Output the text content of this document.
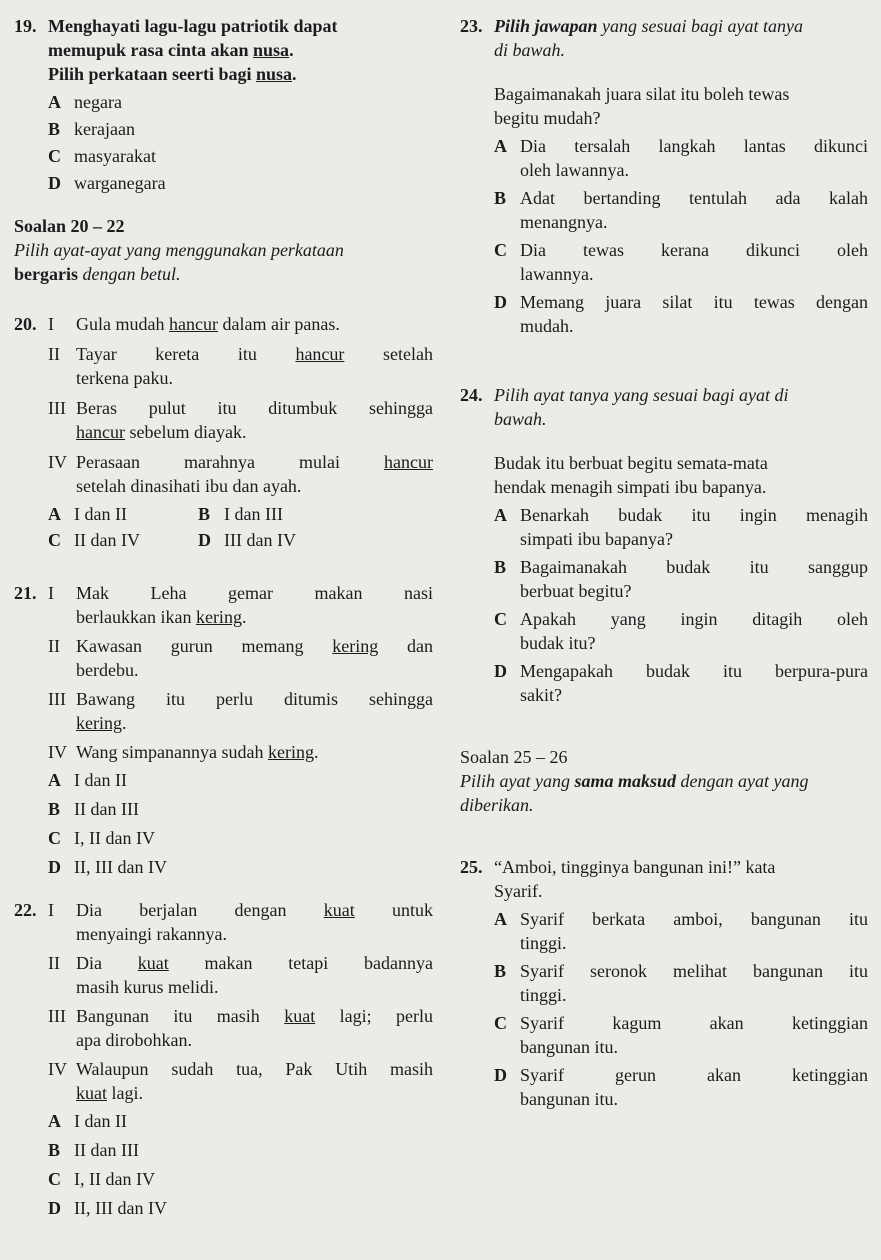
19. Menghayati lagu-lagu patriotik dapat
memupuk rasa cinta akan nusa.
Pilih perkataan seerti bagi nusa.
A negara
B kerajaan
C masyarakat
D warganegara
Soalan 20 – 22
Pilih ayat-ayat yang menggunakan perkataan
bergaris dengan betul.
20. I	Gula mudah hancur dalam air panas.
II Tayar kereta itu hancur setelah
terkena paku.
III Beras pulut itu ditumbuk sehingga
hancur sebelum diayak.
IV Perasaan marahnya mulai hancur
setelah dinasihati ibu dan ayah.
A I dan II	B I dan III
C II dan IV	D III dan IV
21. I	Mak Leha gemar makan nasi
berlaukkan ikan kering.
II Kawasan gurun memang kering dan
berdebu.
III Bawang itu perlu ditumis sehingga
kering.
IV Wang simpanannya sudah kering.
A I dan II
B II dan III
C I, II dan IV
D II, III dan IV
22. I	Dia berjalan dengan kuat untuk
menyaingi rakannya.
II Dia kuat makan tetapi badannya
masih kurus melidi.
III Bangunan itu masih kuat lagi; perlu
apa dirobohkan.
IV Walaupun sudah tua, Pak Utih masih
kuat lagi.
A I dan II
B II dan III
C I, II dan IV
D II, III dan IV
23. Pilih jawapan yang sesuai bagi ayat tanya
di bawah.
Bagaimanakah juara silat itu boleh tewas
begitu mudah?
A Dia tersalah langkah lantas dikunci
oleh lawannya.
B Adat bertanding tentulah ada kalah
menangnya.
C Dia tewas kerana dikunci oleh
lawannya.
D Memang juara silat itu tewas dengan
mudah.
24. Pilih ayat tanya yang sesuai bagi ayat di
bawah.
Budak itu berbuat begitu semata-mata
hendak menagih simpati ibu bapanya.
A Benarkah budak itu ingin menagih
simpati ibu bapanya?
B Bagaimanakah budak itu sanggup
berbuat begitu?
C Apakah yang ingin ditagih oleh
budak itu?
D Mengapakah budak itu berpura-pura
sakit?
Soalan 25 – 26
Pilih ayat yang sama maksud dengan ayat yang
diberikan.
25. “Amboi, tingginya bangunan ini!” kata
Syarif.
A Syarif berkata amboi, bangunan itu
tinggi.
B Syarif seronok melihat bangunan itu
tinggi.
C Syarif kagum akan ketinggian
bangunan itu.
D Syarif gerun akan ketinggian
bangunan itu.
